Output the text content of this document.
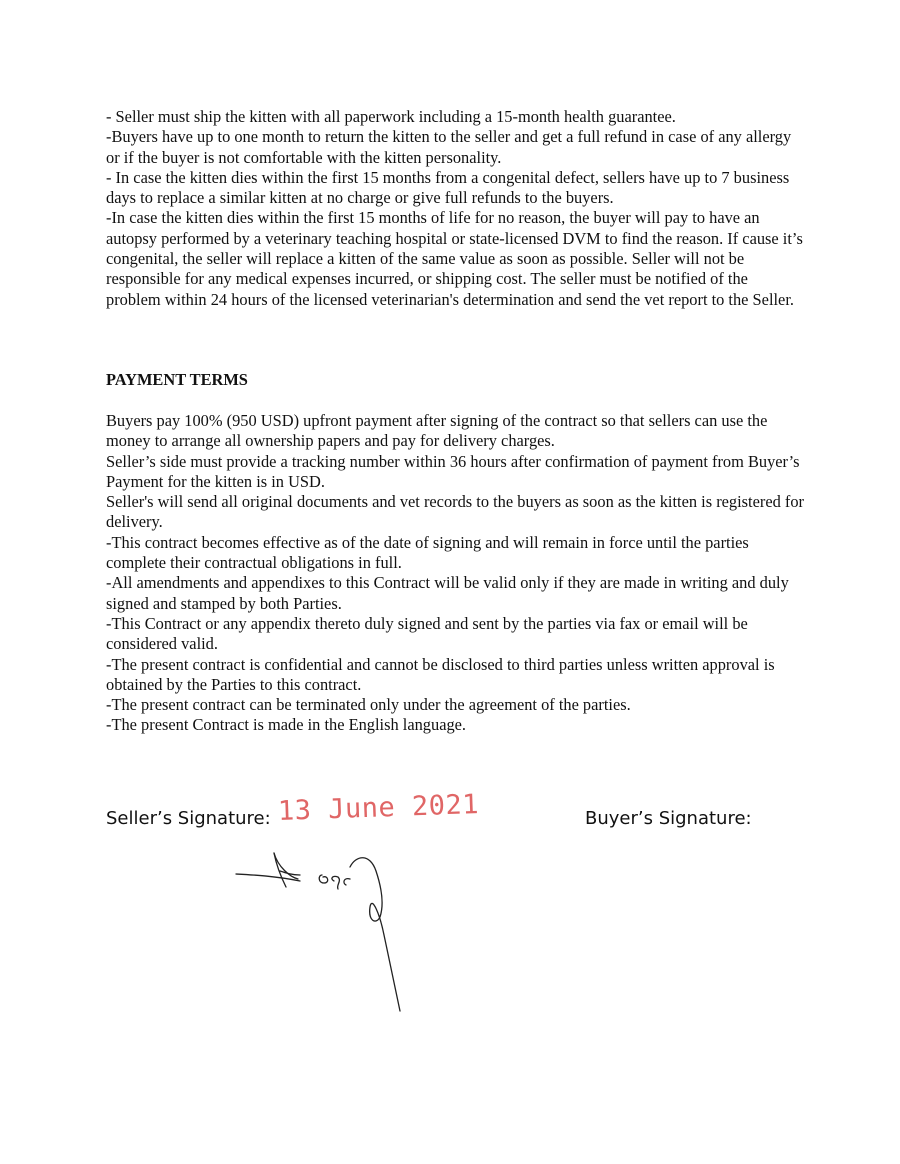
- Seller must ship the kitten with all paperwork including a 15-month health guarantee.

-Buyers have up to one month to return the kitten to the seller and get a full refund in case of any allergy or if the buyer is not comfortable with the kitten personality.

- In case the kitten dies within the first 15 months from a congenital defect, sellers have up to 7 business days to replace a similar kitten at no charge or give full refunds to the buyers.

-In case the kitten dies within the first 15 months of life for no reason, the buyer will pay to have an autopsy performed by a veterinary teaching hospital or state-licensed DVM to find the reason. If cause it’s congenital, the seller will replace a kitten of the same value as soon as possible. Seller will not be responsible for any medical expenses incurred, or shipping cost. The seller must be notified of the problem within 24 hours of the licensed veterinarian's determination and send the vet report to the Seller.

PAYMENT TERMS

Buyers pay 100% (950 USD) upfront payment after signing of the contract so that sellers can use the money to arrange all ownership papers and pay for delivery charges.

Seller’s side must provide a tracking number within 36 hours after confirmation of payment from Buyer’s

Payment for the kitten is in USD.

Seller's will send all original documents and vet records to the buyers as soon as the kitten is registered for delivery.

-This contract becomes effective as of the date of signing and will remain in force until the parties complete their contractual obligations in full.

-All amendments and appendixes to this Contract will be valid only if they are made in writing and duly signed and stamped by both Parties.

-This Contract or any appendix thereto duly signed and sent by the parties via fax or email will be considered valid.

-The present contract is confidential and cannot be disclosed to third parties unless written approval is obtained by the Parties to this contract.

-The present contract can be terminated only under the agreement of the parties.

-The present Contract is made in the English language.

Seller’s Signature: 13 June 2021	Buyer’s Signature:
